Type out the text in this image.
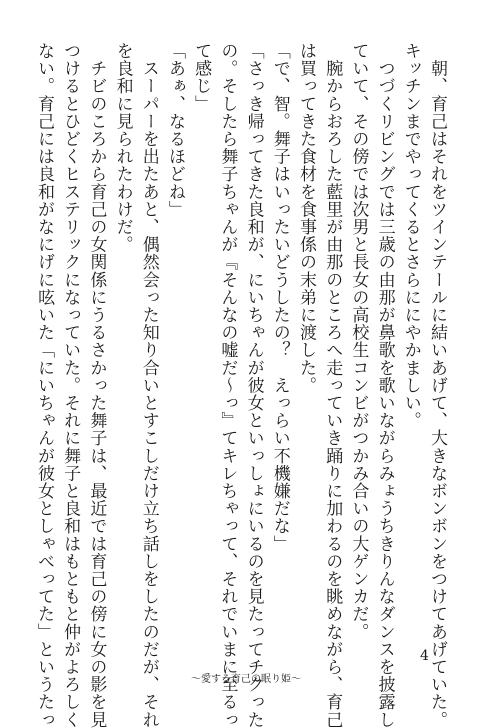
　朝、育己はそれをツインテールに結いあげて、大きなボンボンをつけてあげていた。
キッチンまでやってくるとさらににやかましい。
　つづくリビングでは三歳の由那が鼻歌を歌いながらみょうちきりんなダンスを披露し
ていて、その傍では次男と長女の高校生コンビがつかみ合いの大ゲンカだ。
　腕からおろした藍里が由那のところへ走っていき踊りに加わるのを眺めながら、育己
は買ってきた食材を食事係の末弟に渡した。
「で、智。舞子はいったいどうしたの？　えっらい不機嫌だな」
「さっき帰ってきた良和が、にいちゃんが彼女といっしょにいるのを見たってチクった
の。そしたら舞子ちゃんが『そんなの嘘だ～っ』てキレちゃって、それでいまに至るっ
て感じ」
「あぁ、なるほどね」
　スーパーを出たあと、偶然会った知り合いとすこしだけ立ち話しをしたのだが、それ
を良和に見られたわけだ。
　チビのころから育己の女関係にうるさかった舞子は、最近では育己の傍に女の影を見
つけるとひどくヒステリックになっていた。それに舞子と良和はもともと仲がよろしく
ない。育己には良和がなにげに呟いた「にいちゃんが彼女としゃべってた」というたっ	4
～愛する育己の眠り姫～
